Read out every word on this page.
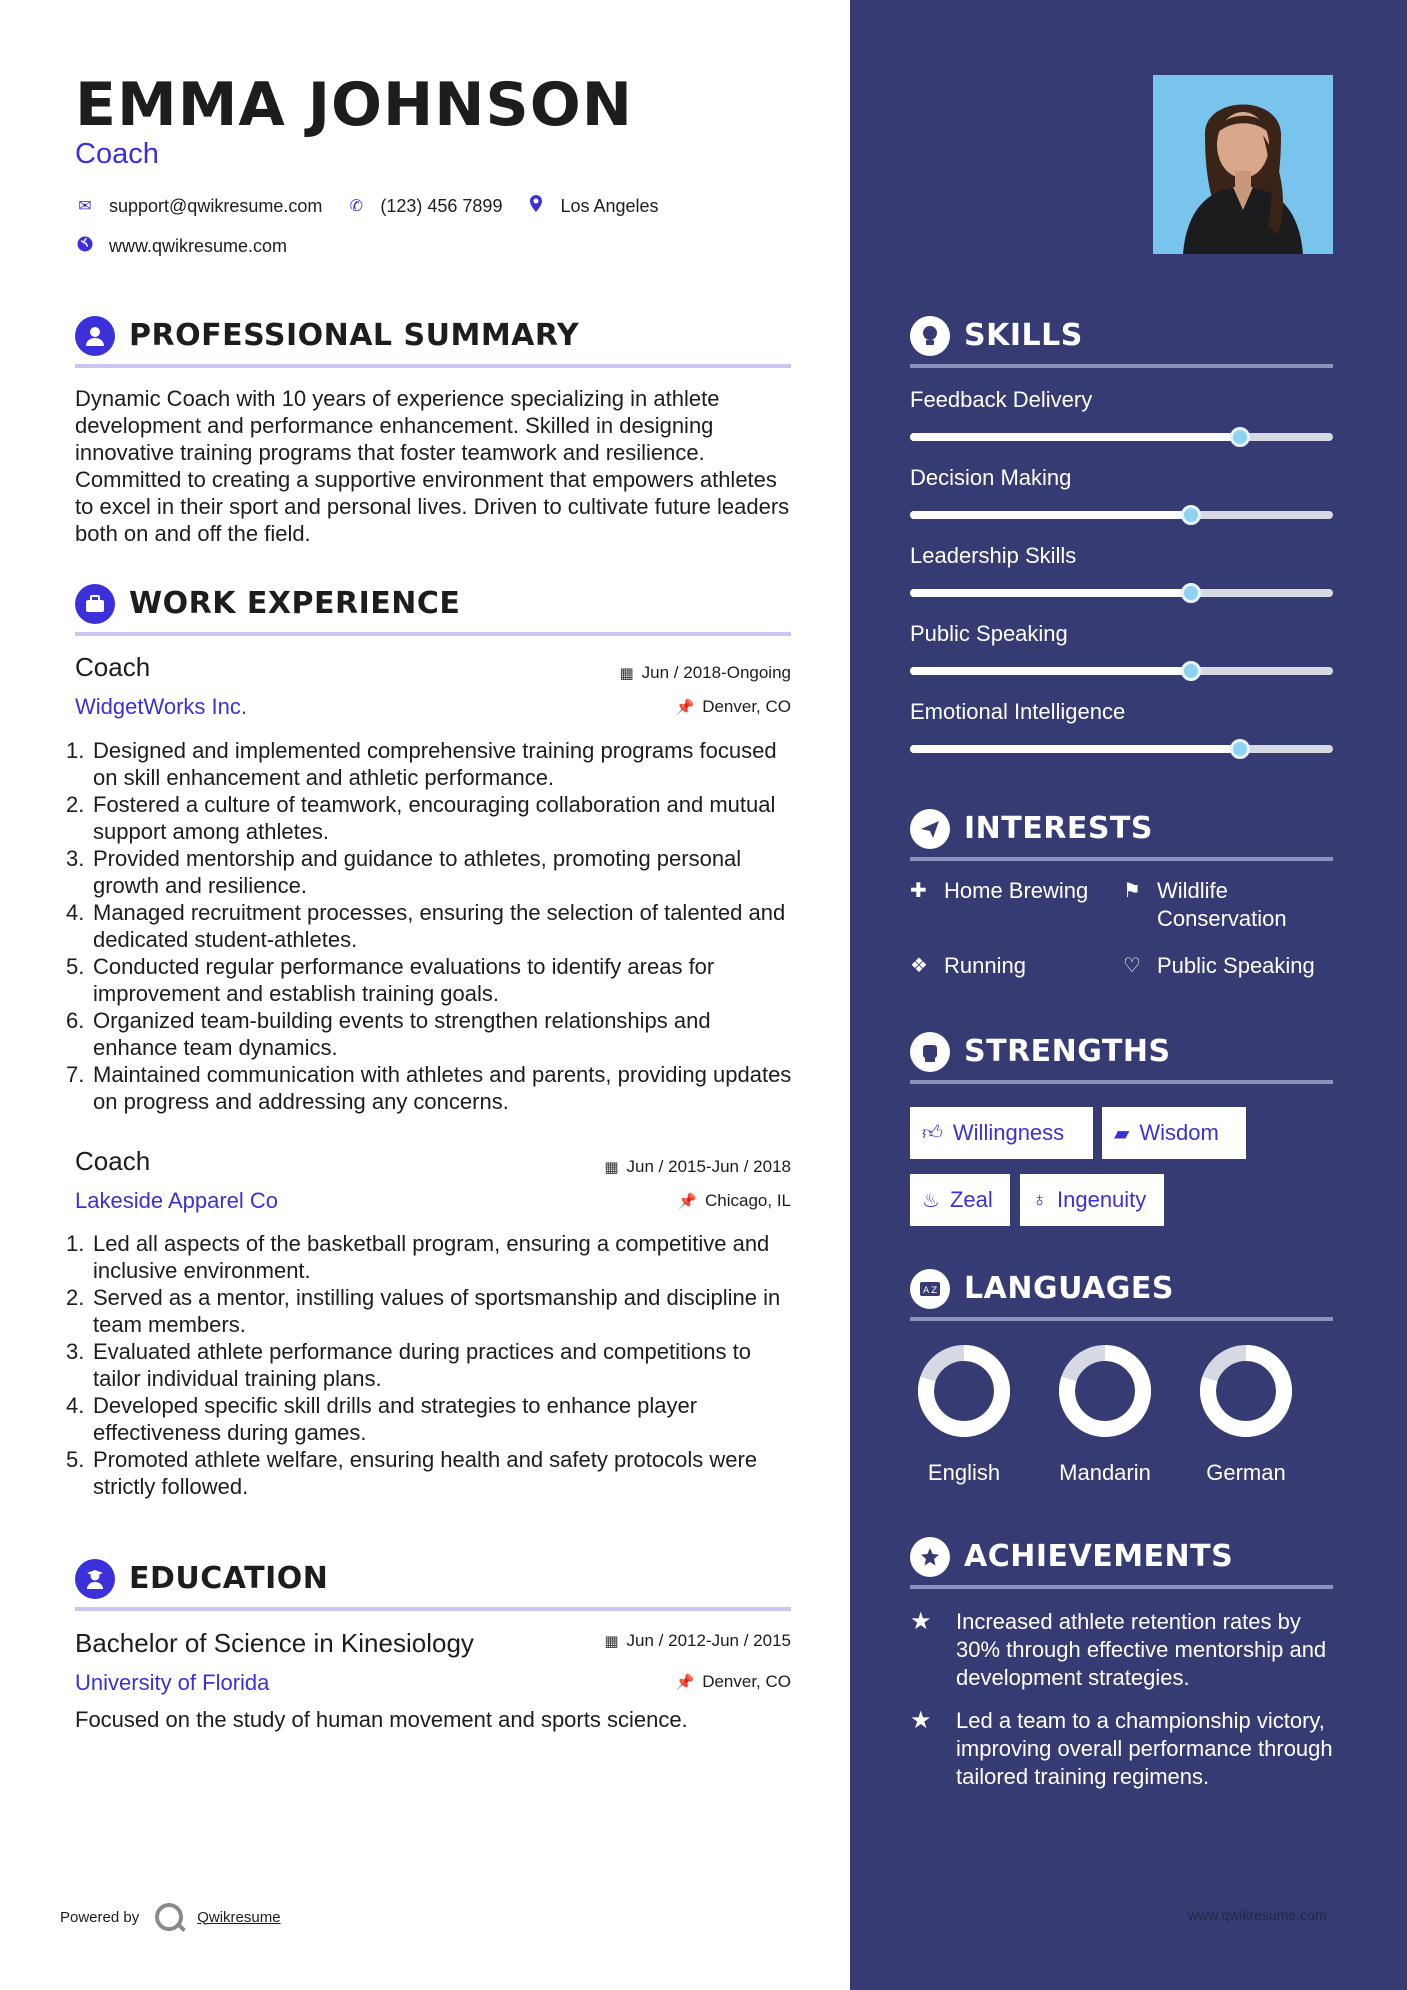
EMMA JOHNSON
Coach
✉ support@qwikresume.com ✆ (123) 456 7899	Los Angeles
www.qwikresume.com
PROFESSIONAL SUMMARY
Dynamic Coach with 10 years of experience specializing in athlete development and performance enhancement. Skilled in designing innovative training programs that foster teamwork and resilience. Committed to creating a supportive environment that empowers athletes to excel in their sport and personal lives. Driven to cultivate future leaders both on and off the field.
WORK EXPERIENCE
Coach	▦ Jun / 2018-Ongoing
WidgetWorks Inc.	📌 Denver, CO
Designed and implemented comprehensive training programs focused on skill enhancement and athletic performance.
Fostered a culture of teamwork, encouraging collaboration and mutual support among athletes.
Provided mentorship and guidance to athletes, promoting personal growth and resilience.
Managed recruitment processes, ensuring the selection of talented and dedicated student-athletes.
Conducted regular performance evaluations to identify areas for improvement and establish training goals.
Organized team-building events to strengthen relationships and enhance team dynamics.
Maintained communication with athletes and parents, providing updates on progress and addressing any concerns.
Coach	▦ Jun / 2015-Jun / 2018
Lakeside Apparel Co	📌 Chicago, IL
Led all aspects of the basketball program, ensuring a competitive and inclusive environment.
Served as a mentor, instilling values of sportsmanship and discipline in team members.
Evaluated athlete performance during practices and competitions to tailor individual training plans.
Developed specific skill drills and strategies to enhance player effectiveness during games.
Promoted athlete welfare, ensuring health and safety protocols were strictly followed.
EDUCATION
Bachelor of Science in Kinesiology	▦ Jun / 2012-Jun / 2015
University of Florida	📌 Denver, CO
Focused on the study of human movement and sports science.
Powered by	Qwikresume
SKILLS
Feedback Delivery
Decision Making
Leadership Skills
Public Speaking
Emotional Intelligence
INTERESTS
✚ Home Brewing ⚑ Wildlife Conservation
❖ Running	♡ Public Speaking
STRENGTHS
👍︎ Willingness ▰ Wisdom
♨ Zeal ♁ Ingenuity
A Z LANGUAGES
English	Mandarin	German
ACHIEVEMENTS
★	Increased athlete retention rates by 30% through effective mentorship and development strategies.
★	Led a team to a championship victory, improving overall performance through tailored training regimens.
www.qwikresume.com
